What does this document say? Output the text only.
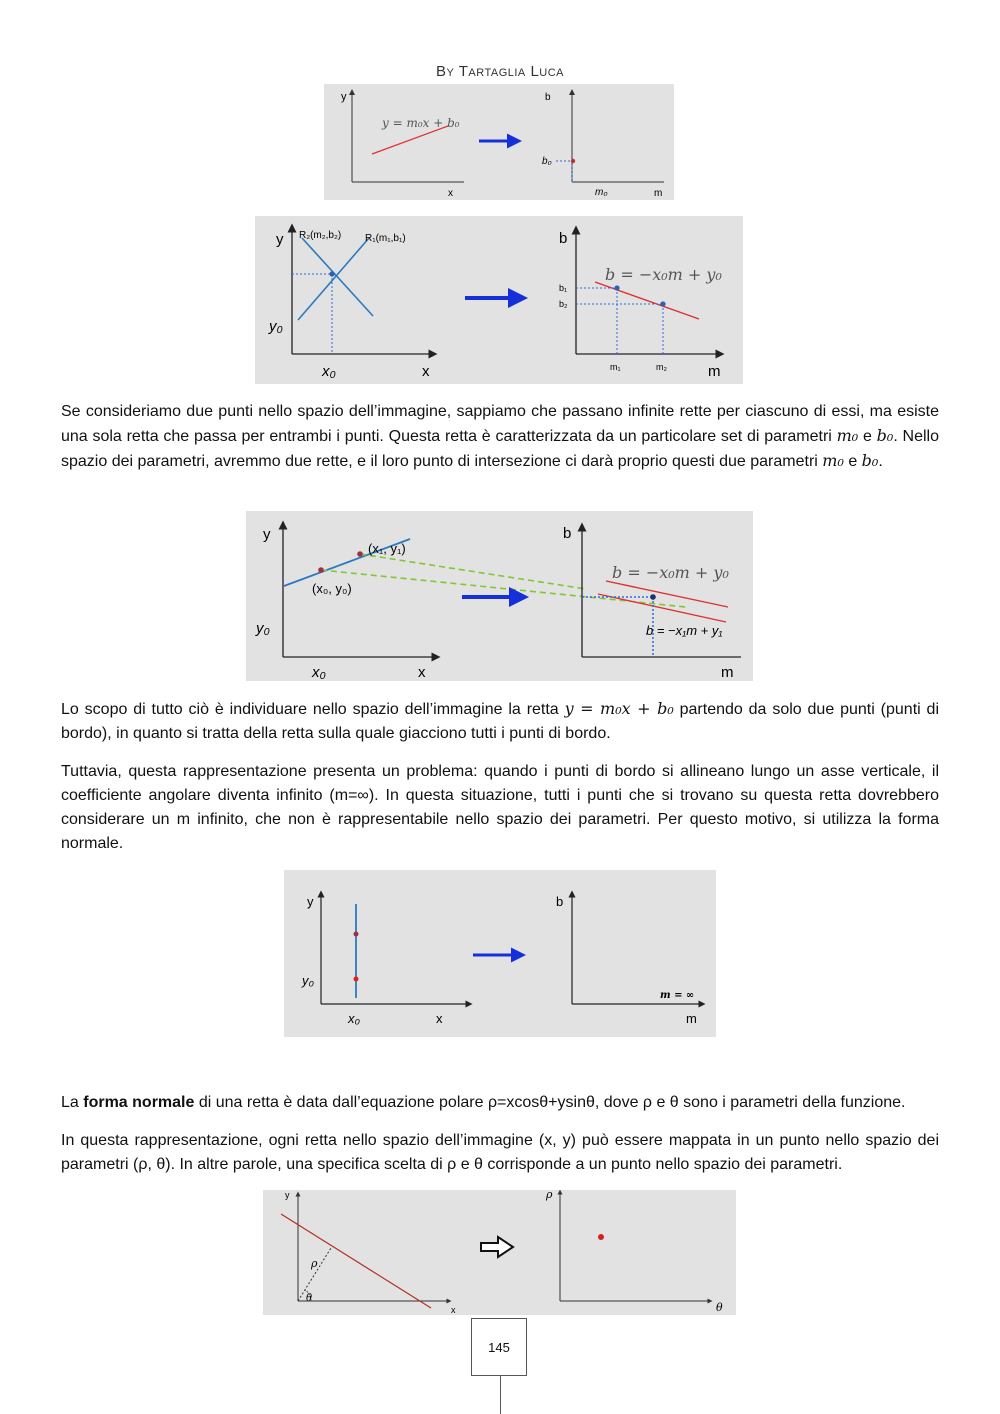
By Tartaglia Luca
y
x
y = m₀x + b₀
b
m
b₀
m₀
y
x
y₀
x₀
R₂(m₂,b₂) R₁(m₁,b₁)	b
m
b = −x₀m + y₀
b₁
b₂
m₁	m₂

Se consideriamo due punti nello spazio dell’immagine, sappiamo che passano infinite rette per ciascuno di essi, ma esiste una sola retta che passa per entrambi i punti. Questa retta è caratterizzata da un particolare set di parametri m₀ e b₀. Nello spazio dei parametri, avremmo due rette, e il loro punto di intersezione ci darà proprio questi due parametri m₀ e b₀.

y
x
y₀
x₀
(x₁, y₁)
(x₀, y₀)
b
m
b = −x₀m + y₀
b = −x₁m + y₁

Lo scopo di tutto ciò è individuare nello spazio dell’immagine la retta y = m₀x + b₀ partendo da solo due punti (punti di bordo), in quanto si tratta della retta sulla quale giacciono tutti i punti di bordo.

Tuttavia, questa rappresentazione presenta un problema: quando i punti di bordo si allineano lungo un asse verticale, il coefficiente angolare diventa infinito (m=∞). In questa situazione, tutti i punti che si trovano su questa retta dovrebbero considerare un m infinito, che non è rappresentabile nello spazio dei parametri. Per questo motivo, si utilizza la forma normale.

y
x
y₀
x₀
b
m
m = ∞

La forma normale di una retta è data dall’equazione polare ρ=xcosθ+ysinθ, dove ρ e θ sono i parametri della funzione.

In questa rappresentazione, ogni retta nello spazio dell’immagine (x, y) può essere mappata in un punto nello spazio dei parametri (ρ, θ). In altre parole, una specifica scelta di ρ e θ corrisponde a un punto nello spazio dei parametri.

y
x
ρ
θ
ρ
θ
145
